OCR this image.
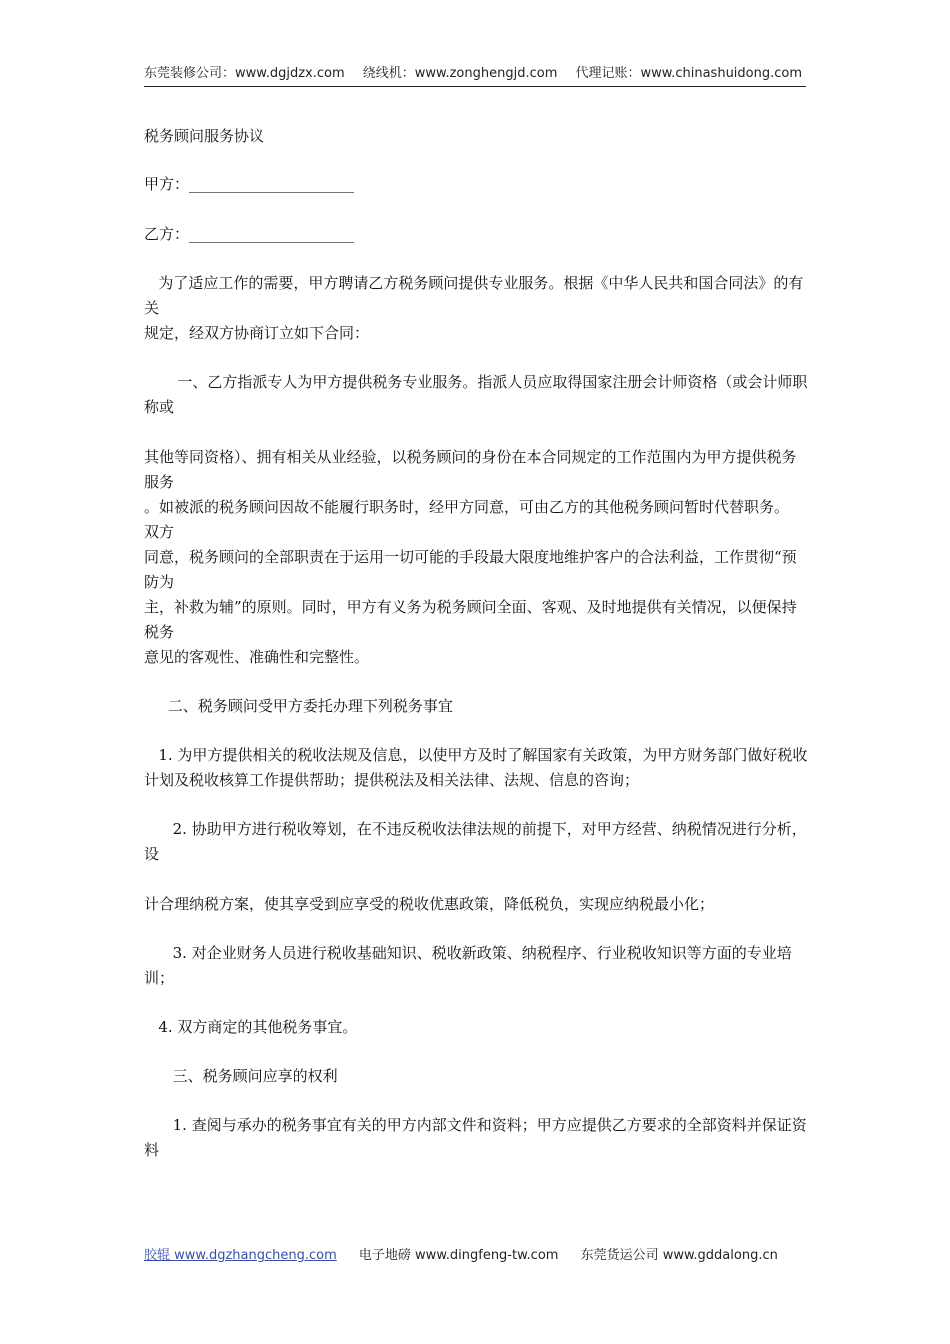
东莞装修公司：www.dgjdzx.com 绕线机：www.zonghengjd.com 代理记账：www.chinashuidong.com

税务顾问服务协议

甲方：______________________

乙方：______________________

为了适应工作的需要，甲方聘请乙方税务顾问提供专业服务。根据《中华人民共和国合同法》的有关

规定，经双方协商订立如下合同：

一、乙方指派专人为甲方提供税务专业服务。指派人员应取得国家注册会计师资格（或会计师职称或

其他等同资格）、拥有相关从业经验，以税务顾问的身份在本合同规定的工作范围内为甲方提供税务服务

。如被派的税务顾问因故不能履行职务时，经甲方同意，可由乙方的其他税务顾问暂时代替职务。    双方

同意，税务顾问的全部职责在于运用一切可能的手段最大限度地维护客户的合法利益，工作贯彻“预防为

主，补救为辅”的原则。同时，甲方有义务为税务顾问全面、客观、及时地提供有关情况，以便保持税务

意见的客观性、准确性和完整性。

二、税务顾问受甲方委托办理下列税务事宜

1. 为甲方提供相关的税收法规及信息，以使甲方及时了解国家有关政策，为甲方财务部门做好税收

计划及税收核算工作提供帮助；提供税法及相关法律、法规、信息的咨询；

2. 协助甲方进行税收筹划，在不违反税收法律法规的前提下，对甲方经营、纳税情况进行分析，设

计合理纳税方案，使其享受到应享受的税收优惠政策，降低税负，实现应纳税最小化；

3. 对企业财务人员进行税收基础知识、税收新政策、纳税程序、行业税收知识等方面的专业培训；

4. 双方商定的其他税务事宜。

三、税务顾问应享的权利

1. 查阅与承办的税务事宜有关的甲方内部文件和资料；甲方应提供乙方要求的全部资料并保证资料

胶辊 www.dgzhangcheng.com 电子地磅 www.dingfeng-tw.com 东莞货运公司 www.gddalong.cn
